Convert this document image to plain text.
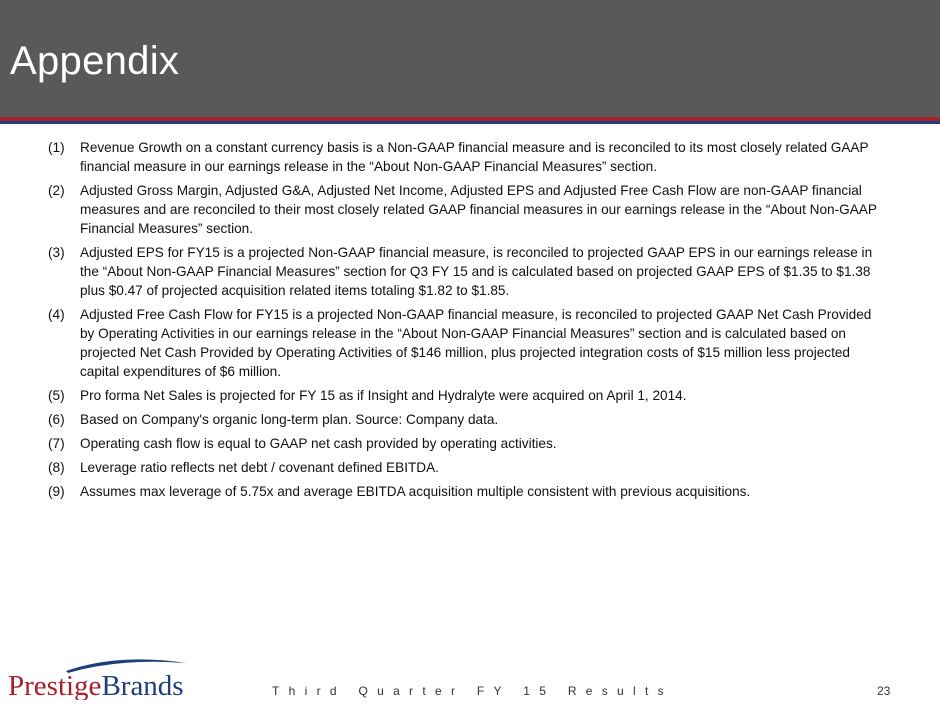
Appendix
(1) Revenue Growth on a constant currency basis is a Non-GAAP financial measure and is reconciled to its most closely related GAAP financial measure in our earnings release in the “About Non-GAAP Financial Measures” section.
(2) Adjusted Gross Margin, Adjusted G&A, Adjusted Net Income, Adjusted EPS and Adjusted Free Cash Flow are non-GAAP financial measures and are reconciled to their most closely related GAAP financial measures in our earnings release in the “About Non-GAAP Financial Measures” section.
(3) Adjusted EPS for FY15 is a projected Non-GAAP financial measure, is reconciled to projected GAAP EPS in our earnings release in the “About Non-GAAP Financial Measures” section for Q3 FY 15 and is calculated based on projected GAAP EPS of $1.35 to $1.38 plus $0.47 of projected acquisition related items totaling $1.82 to $1.85.
(4) Adjusted Free Cash Flow for FY15 is a projected Non-GAAP financial measure, is reconciled to projected GAAP Net Cash Provided by Operating Activities in our earnings release in the “About Non-GAAP Financial Measures” section and is calculated based on projected Net Cash Provided by Operating Activities of $146 million, plus projected integration costs of $15 million less projected capital expenditures of $6 million.
(5) Pro forma Net Sales is projected for FY 15 as if Insight and Hydralyte were acquired on April 1, 2014.
(6) Based on Company's organic long-term plan. Source: Company data.
(7) Operating cash flow is equal to GAAP net cash provided by operating activities.
(8) Leverage ratio reflects net debt / covenant defined EBITDA.
(9) Assumes max leverage of 5.75x and average EBITDA acquisition multiple consistent with previous acquisitions.
PrestigeBrands	Third Quarter FY 15 Results	23
